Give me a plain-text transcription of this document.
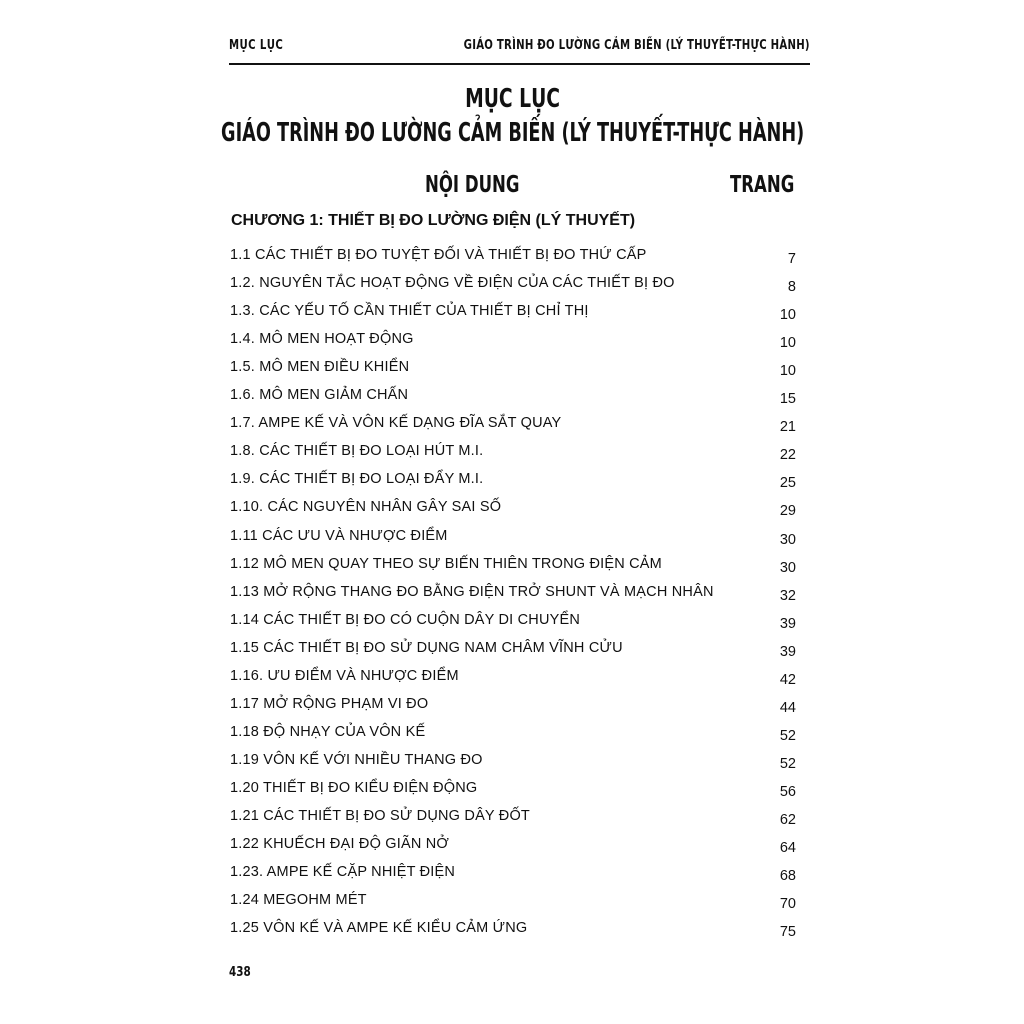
MỤC LỤC	GIÁO TRÌNH ĐO LƯỜNG CẢM BIẾN (LÝ THUYẾT-THỰC HÀNH)
MỤC LỤC
GIÁO TRÌNH ĐO LƯỜNG CẢM BIẾN (LÝ THUYẾT-THỰC HÀNH)
NỘI DUNG	TRANG
CHƯƠNG 1: THIẾT BỊ ĐO LƯỜNG ĐIỆN (LÝ THUYẾT)
1.1 CÁC THIẾT BỊ ĐO TUYỆT ĐỐI VÀ THIẾT BỊ ĐO THỨ CẤP	7
1.2. NGUYÊN TẮC HOẠT ĐỘNG VỀ ĐIỆN CỦA CÁC THIẾT BỊ ĐO	8
1.3. CÁC YẾU TỐ CẦN THIẾT CỦA THIẾT BỊ CHỈ THỊ	10
1.4. MÔ MEN HOẠT ĐỘNG	10
1.5. MÔ MEN ĐIỀU KHIỂN	10
1.6. MÔ MEN GIẢM CHẤN	15
1.7. AMPE KẾ VÀ VÔN KẾ DẠNG ĐĨA SẮT QUAY	21
1.8. CÁC THIẾT BỊ ĐO LOẠI HÚT M.I.	22
1.9. CÁC THIẾT BỊ ĐO LOẠI ĐẨY M.I.	25
1.10. CÁC NGUYÊN NHÂN GÂY SAI SỐ	29
1.11 CÁC ƯU VÀ NHƯỢC ĐIỂM	30
1.12 MÔ MEN QUAY THEO SỰ BIẾN THIÊN TRONG ĐIỆN CẢM	30
1.13 MỞ RỘNG THANG ĐO BẰNG ĐIỆN TRỞ SHUNT VÀ MẠCH NHÂN	32
1.14 CÁC THIẾT BỊ ĐO CÓ CUỘN DÂY DI CHUYỂN	39
1.15 CÁC THIẾT BỊ ĐO SỬ DỤNG NAM CHÂM VĨNH CỬU	39
1.16. ƯU ĐIỂM VÀ NHƯỢC ĐIỂM	42
1.17 MỞ RỘNG PHẠM VI ĐO	44
1.18 ĐỘ NHẠY CỦA VÔN KẾ	52
1.19 VÔN KẾ VỚI NHIỀU THANG ĐO	52
1.20 THIẾT BỊ ĐO KIỂU ĐIỆN ĐỘNG	56
1.21 CÁC THIẾT BỊ ĐO SỬ DỤNG DÂY ĐỐT	62
1.22 KHUẾCH ĐẠI ĐỘ GIÃN NỞ	64
1.23. AMPE KẾ CẶP NHIỆT ĐIỆN	68
1.24 MEGOHM MÉT	70
1.25 VÔN KẾ VÀ AMPE KẾ KIỂU CẢM ỨNG	75
438
